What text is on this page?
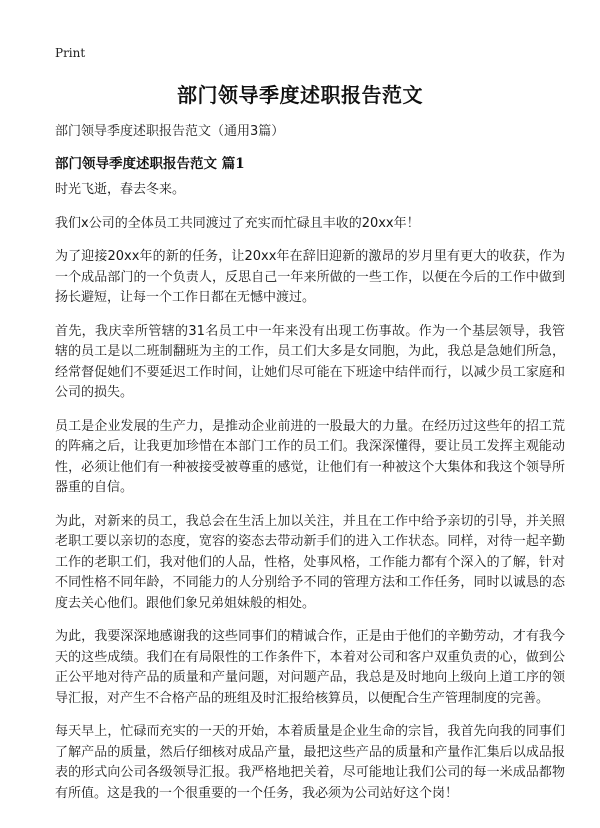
Print
部门领导季度述职报告范文
部门领导季度述职报告范文（通用3篇）
部门领导季度述职报告范文 篇1

时光飞逝，春去冬来。

我们x公司的全体员工共同渡过了充实而忙碌且丰收的20xx年！

为了迎接20xx年的新的任务，让20xx年在辞旧迎新的激昂的岁月里有更大的收获，作为一个成品部门的一个负责人，反思自己一年来所做的一些工作，以便在今后的工作中做到扬长避短，让每一个工作日都在无憾中渡过。

首先，我庆幸所管辖的31名员工中一年来没有出现工伤事故。作为一个基层领导，我管辖的员工是以二班制翻班为主的工作，员工们大多是女同胞，为此，我总是急她们所急，经常督促她们不要延迟工作时间，让她们尽可能在下班途中结伴而行，以减少员工家庭和公司的损失。

员工是企业发展的生产力，是推动企业前进的一股最大的力量。在经历过这些年的招工荒的阵痛之后，让我更加珍惜在本部门工作的员工们。我深深懂得，要让员工发挥主观能动性，必须让他们有一种被接受被尊重的感觉，让他们有一种被这个大集体和我这个领导所器重的自信。

为此，对新来的员工，我总会在生活上加以关注，并且在工作中给予亲切的引导，并关照老职工要以亲切的态度，宽容的姿态去带动新手们的进入工作状态。同样，对待一起辛勤工作的老职工们，我对他们的人品，性格，处事风格，工作能力都有个深入的了解，针对不同性格不同年龄，不同能力的人分别给予不同的管理方法和工作任务，同时以诚恳的态度去关心他们。跟他们象兄弟姐妹般的相处。

为此，我要深深地感谢我的这些同事们的精诚合作，正是由于他们的辛勤劳动，才有我今天的这些成绩。我们在有局限性的工作条件下，本着对公司和客户双重负责的心，做到公正公平地对待产品的质量和产量问题，对问题产品，我总是及时地向上级向上道工序的领导汇报，对产生不合格产品的班组及时汇报给核算员，以便配合生产管理制度的完善。

每天早上，忙碌而充实的一天的开始，本着质量是企业生命的宗旨，我首先向我的同事们了解产品的质量，然后仔细核对成品产量，最把这些产品的质量和产量作汇集后以成品报表的形式向公司各级领导汇报。我严格地把关着，尽可能地让我们公司的每一米成品都物有所值。这是我的一个很重要的一个任务，我必须为公司站好这个岗！
